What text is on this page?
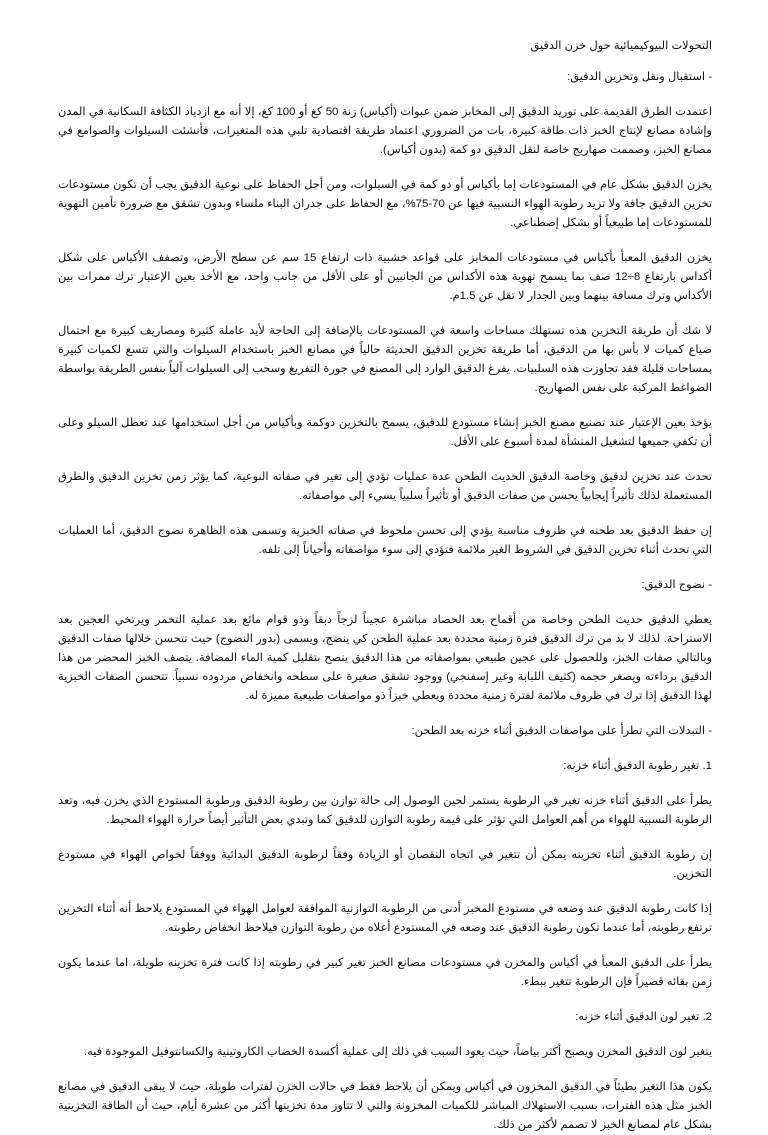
التحولات البيوكيميائية حول خزن الدقيق
- استقبال ونقل وتخزين الدقيق:

اعتمدت الطرق القديمة على توريد الدقيق إلى المخابز ضمن عبوات (أكياس) زنة 50 كغ أو 100 كغ، إلا أنه مع ازدياد الكثافة السكانية في المدن وإشادة مصانع لإنتاج الخبز ذات طاقة كبيرة، بات من الضروري اعتماد طريقة اقتصادية تلبي هذه المتغيرات، فأنشئت السيلوات والصوامع في مصانع الخبز، وصممت صهاريج خاصة لنقل الدقيق دو كمة (بدون أكياس).

يخزن الدقيق بشكل عام في المستودعات إما بأكياس أو دو كمة في السيلوات، ومن أجل الحفاظ على نوعية الدقيق يجب أن تكون مستودعات تخزين الدقيق جافة ولا تزيد رطوبة الهواء النسبية فيها عن 70-75%، مع الحفاظ على جدران البناء ملساء وبدون تشقق مع ضرورة تأمين التهوية للمستودعات إما طبيعياً أو بشكل إصطناعي.

يخزن الدقيق المعبأ بأكياس في مستودعات المخابز على قواعد خشبية ذات ارتفاع 15 سم عن سطح الأرض، وتصفف الأكياس على شكل أكداس بارتفاع 8÷12 صف بما يسمح تهوية هذه الأكداس من الجانبين أو على الأقل من جانب واحد، مع الأخذ بعين الإعتبار ترك ممرات بين الأكداس وترك مسافة بينهما وبين الجدار لا تقل عن 1.5م.

لا شك أن طريقة التخزين هذه تستهلك مساحات واسعة في المستودعات بالإضافة إلى الحاجة لأيد عاملة كثيرة ومصاريف كبيرة مع احتمال ضياع كميات لا بأس بها من الدقيق، أما طريقة تخزين الدقيق الحديثة حالياً في مصانع الخبز باستخدام السيلوات والتي تتسع لكميات كبيرة بمساحات قليلة فقد تجاوزت هذه السلبيات. يفرغ الدقيق الوارد إلى المصنع في جورة التفريغ وسحب إلى السيلوات آلياً بنفس الطريقة بواسطة الضواغط المركبة على نفس الصهاريج.

يؤخذ بعين الإعتبار عند تصنيع مصنع الخبز إنشاء مستودع للدقيق، يسمح بالتخزين دوكمة وبأكياس من أجل استخدامها عند تعطل السيلو وعلى أن تكفي جميعها لتشغيل المنشأة لمدة أسبوع على الأقل.

تحدث عند تخزين لدقيق وخاصة الدقيق الحديث الطحن عدة عمليات تؤدي إلى تغير في صفاته النوعية، كما يؤثر زمن تخزين الدقيق والطرق المستعملة لذلك تأثيراً إيجابياً يحسن من صفات الدقيق أو تأثيراً سلبياً يسيء إلى مواصفاته.

إن حفظ الدقيق بعد طحنه في ظروف مناسبة يؤدي إلى تحسن ملحوظ في صفاته الخبزية وتسمى هذه الظاهرة نضوج الدقيق، أما العمليات التي تحدث أثناء تخزين الدقيق في الشروط الغير ملائمة فتؤدي إلى سوء مواصفاته وأحياناً إلى تلفه.

- نضوج الدقيق:

يعطي الدقيق حديث الطحن وخاصة من أقماح بعد الحصاد مباشرة عجيناً لزجاً دبقاً وذو قوام مائع بعد عملية التخمر ويرتخي العجين بعد الاستراحة. لذلك لا بد من ترك الدقيق فترة زمنية محددة بعد عملية الطحن كي ينضج، ويسمى (بدور النضوج) حيث تتحسن خلالها صفات الدقيق وبالتالي صفات الخبز، وللحصول على عجين طبيعي بمواصفاته من هذا الدقيق ينصح بتقليل كمية الماء المضافة. يتصف الخبز المحضر من هذا الدقيق برداءته ويصغر حجمه (كثيف اللبابة وغير إسفنجي) ووجود تشقق صغيرة على سطحه وانخفاض مردوده نسبياً. تتحسن الصفات الخبزية لهذا الدقيق إذا ترك في ظروف ملائمة لفترة زمنية محددة ويعطي خبزاً ذو مواصفات طبيعية مميزة له.

- التبدلات التي تطرأ على مواصفات الدقيق أثناء خزنه بعد الطحن:
1. تغير رطوبة الدقيق أثناء خزنه:

يطرأ على الدقيق أثناء خزنه تغير في الرطوبة يستمر لحين الوصول إلى حالة توازن بين رطوبة الدقيق ورطوبة المستودع الذي يخزن فيه، وتعد الرطوبة النسبية للهواء من أهم العوامل التي تؤثر على قيمة رطوبة التوازن للدقيق كما وتبدي بعض التأثير أيضاً حرارة الهواء المحيط.

إن رطوبة الدقيق أثناء تخزينه يمكن أن تتغير في اتجاه النقصان أو الزيادة وفقاً لرطوبة الدقيق البدائية ووفقاً لخواص الهواء في مستودع التخزين.

إذا كانت رطوبة الدقيق عند وضعه في مستودع المخبز أدنى من الرطوبة التوازنية الموافقة لعوامل الهواء في المستودع يلاحظ أنه أثناء التخزين ترتفع رطوبته، أما عندما تكون رطوبة الدقيق عند وضعه في المستودع أعلاه من رطوبة التوازن فيلاحظ انخفاض رطوبته.

يطرأ على الدقيق المعبأ في أكياس والمخزن في مستودعات مصانع الخبز تغير كبير في رطوبته إذا كانت فترة تخزينه طويلة، اما عندما يكون زمن بقائه قصيراً فإن الرطوبة تتغير ببطء.

2. تغير لون الدقيق أثناء خزنه:

يتغير لون الدقيق المخزن ويصبح أكثر بياضاً، حيث يعود السبب في ذلك إلى عملية أكسدة الخضاب الكاروتينية والكسانتوفيل الموجودة فيه.

يكون هذا التغير بطيئاً في الدقيق المخزون في أكياس ويمكن أن يلاحظ فقط في حالات الخزن لفترات طويلة، حيث لا يبقى الدقيق في مصانع الخبز مثل هذه الفترات، بسبب الاستهلاك المباشر للكميات المخزونة والتي لا تتاوز مدة تخزينها أكثر من عشرة أيام، حيث أن الطاقة التخزينية بشكل عام لمصانع الخبز لا تصمم لأكثر من ذلك.
